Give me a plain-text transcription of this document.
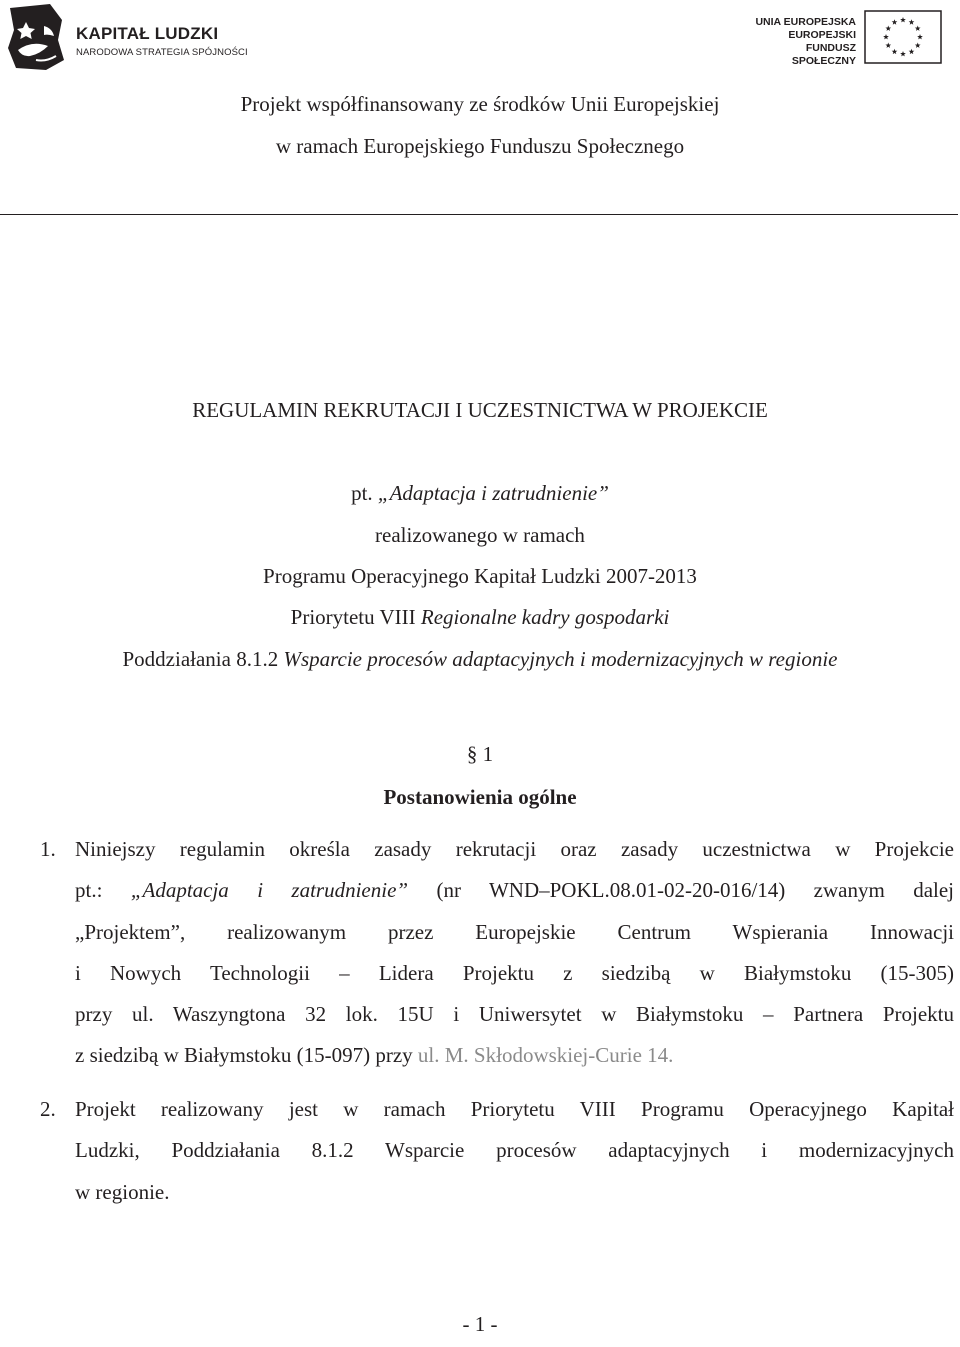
KAPITAŁ LUDZKI
NARODOWA STRATEGIA SPÓJNOŚCI
UNIA EUROPEJSKA
EUROPEJSKI
FUNDUSZ SPOŁECZNY
Projekt współfinansowany ze środków Unii Europejskiej
w ramach Europejskiego Funduszu Społecznego
REGULAMIN REKRUTACJI I UCZESTNICTWA W PROJEKCIE
pt. „Adaptacja i zatrudnienie”
realizowanego w ramach
Programu Operacyjnego Kapitał Ludzki 2007-2013
Priorytetu VIII Regionalne kadry gospodarki
Poddziałania 8.1.2 Wsparcie procesów adaptacyjnych i modernizacyjnych w regionie
§ 1
Postanowienia ogólne
1. Niniejszy regulamin określa zasady rekrutacji oraz zasady uczestnictwa w Projekcie
pt.: „Adaptacja i zatrudnienie” (nr WND–POKL.08.01-02-20-016/14) zwanym dalej
„Projektem”, realizowanym przez Europejskie Centrum Wspierania Innowacji
i Nowych Technologii – Lidera Projektu z siedzibą w Białymstoku (15-305)
przy ul. Waszyngtona 32 lok. 15U i Uniwersytet w Białymstoku – Partnera Projektu
z siedzibą w Białymstoku (15-097) przy ul. M. Skłodowskiej-Curie 14.
2. Projekt realizowany jest w ramach Priorytetu VIII Programu Operacyjnego Kapitał
Ludzki, Poddziałania 8.1.2 Wsparcie procesów adaptacyjnych i modernizacyjnych
w regionie.
- 1 -
